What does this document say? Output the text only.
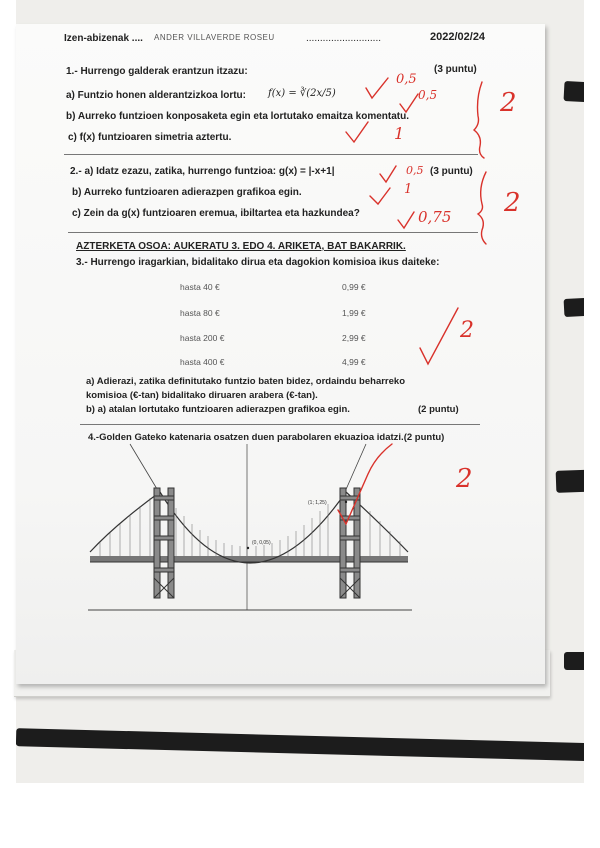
Izen-abizenak .... ANDER VILLAVERDE ROSEU	...........................	2022/02/24
1.- Hurrengo galderak erantzun itzazu:	(3 puntu)
a) Funtzio honen alderantzizkoa lortu: f(x) = ∛(2x/5)
b) Aurreko funtzioen konposaketa egin eta lortutako emaitza komentatu.
c) f(x) funtzioaren simetria aztertu.
2.- a) Idatz ezazu, zatika, hurrengo funtzioa: g(x) = |-x+1|	(3 puntu)
b) Aurreko funtzioaren adierazpen grafikoa egin.
c) Zein da g(x) funtzioaren eremua, ibiltartea eta hazkundea?
AZTERKETA OSOA: AUKERATU 3. EDO 4. ARIKETA, BAT BAKARRIK.
3.- Hurrengo iragarkian, bidalitako dirua eta dagokion komisioa ikus daiteke:
hasta 40 €	0,99 €
hasta 80 €	1,99 €
hasta 200 €	2,99 €
hasta 400 €	4,99 €
a) Adierazi, zatika definitutako funtzio baten bidez, ordaindu beharreko
komisioa (€-tan) bidalitako diruaren arabera (€-tan).
b) a) atalan lortutako funtzioaren adierazpen grafikoa egin.	(2 puntu)
4.-Golden Gateko katenaria osatzen duen parabolaren ekuazioa idatzi.(2 puntu)
(1; 1,25)
(0, 0,05)
0,5
0,5
1
2
0,5
1
0,75 2
2
2
